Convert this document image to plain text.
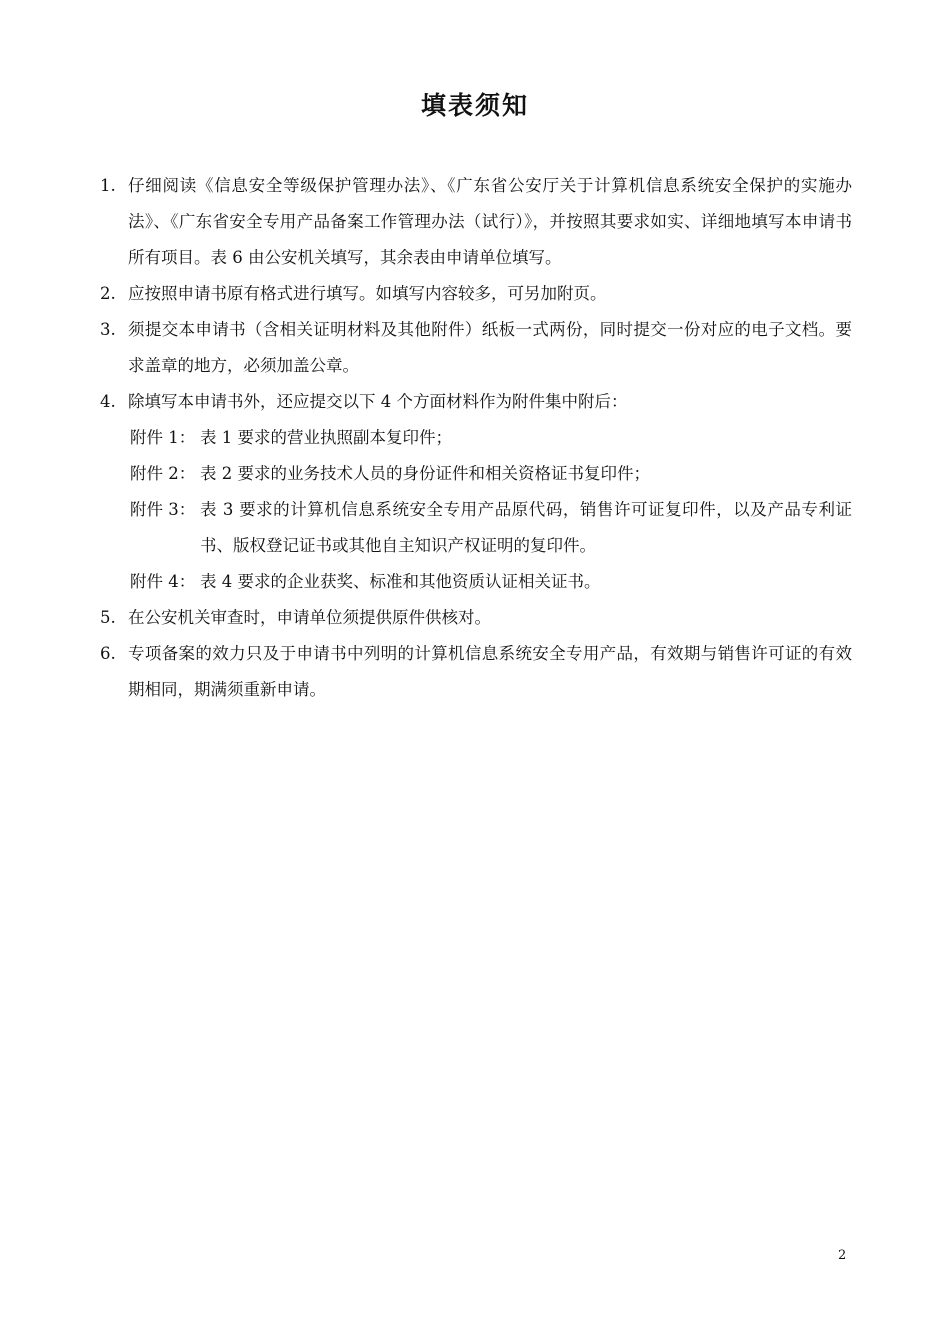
填表须知
1. 仔细阅读《信息安全等级保护管理办法》、《广东省公安厅关于计算机信息系统安全保护的实施办法》、《广东省安全专用产品备案工作管理办法（试行）》，并按照其要求如实、详细地填写本申请书所有项目。表 6 由公安机关填写，其余表由申请单位填写。
2. 应按照申请书原有格式进行填写。如填写内容较多，可另加附页。
3. 须提交本申请书（含相关证明材料及其他附件）纸板一式两份，同时提交一份对应的电子文档。要求盖章的地方，必须加盖公章。
4. 除填写本申请书外，还应提交以下 4 个方面材料作为附件集中附后：
附件 1： 表 1 要求的营业执照副本复印件；
附件 2： 表 2 要求的业务技术人员的身份证件和相关资格证书复印件；
附件 3： 表 3 要求的计算机信息系统安全专用产品原代码，销售许可证复印件，以及产品专利证书、版权登记证书或其他自主知识产权证明的复印件。
附件 4： 表 4 要求的企业获奖、标准和其他资质认证相关证书。
5. 在公安机关审查时，申请单位须提供原件供核对。
6. 专项备案的效力只及于申请书中列明的计算机信息系统安全专用产品，有效期与销售许可证的有效期相同，期满须重新申请。
2
